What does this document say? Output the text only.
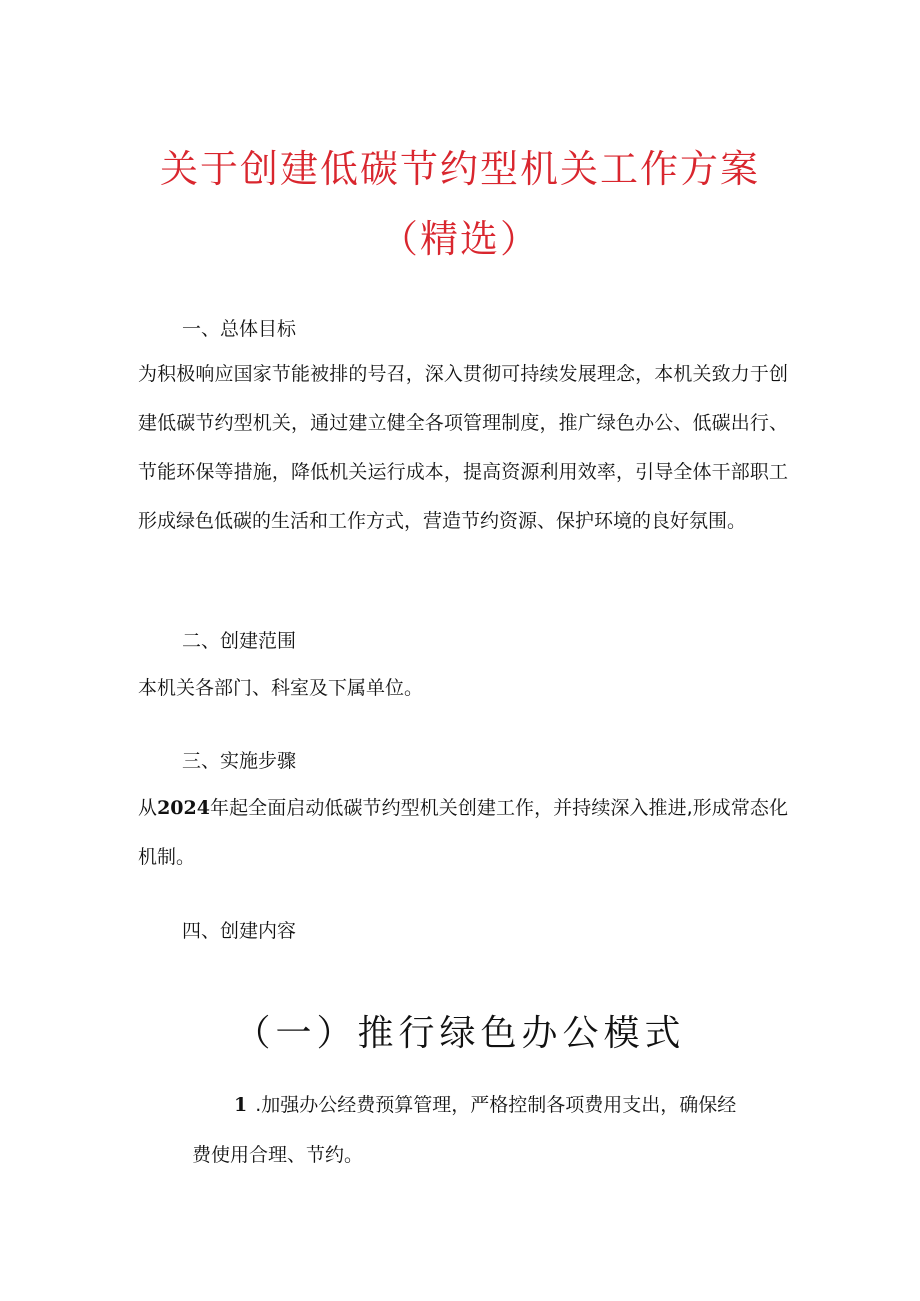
关于创建低碳节约型机关工作方案
（精选）
一、总体目标

为积极响应国家节能被排的号召，深入贯彻可持续发展理念，本机关致力于创建低碳节约型机关，通过建立健全各项管理制度，推广绿色办公、低碳出行、节能环保等措施，降低机关运行成本，提高资源利用效率，引导全体干部职工形成绿色低碳的生活和工作方式，营造节约资源、保护环境的良好氛围。

二、创建范围

本机关各部门、科室及下属单位。

三、实施步骤

从2024年起全面启动低碳节约型机关创建工作，并持续深入推进,形成常态化机制。

四、创建内容
（一）推行绿色办公模式

1 .加强办公经费预算管理，严格控制各项费用支出，确保经费使用合理、节约。
